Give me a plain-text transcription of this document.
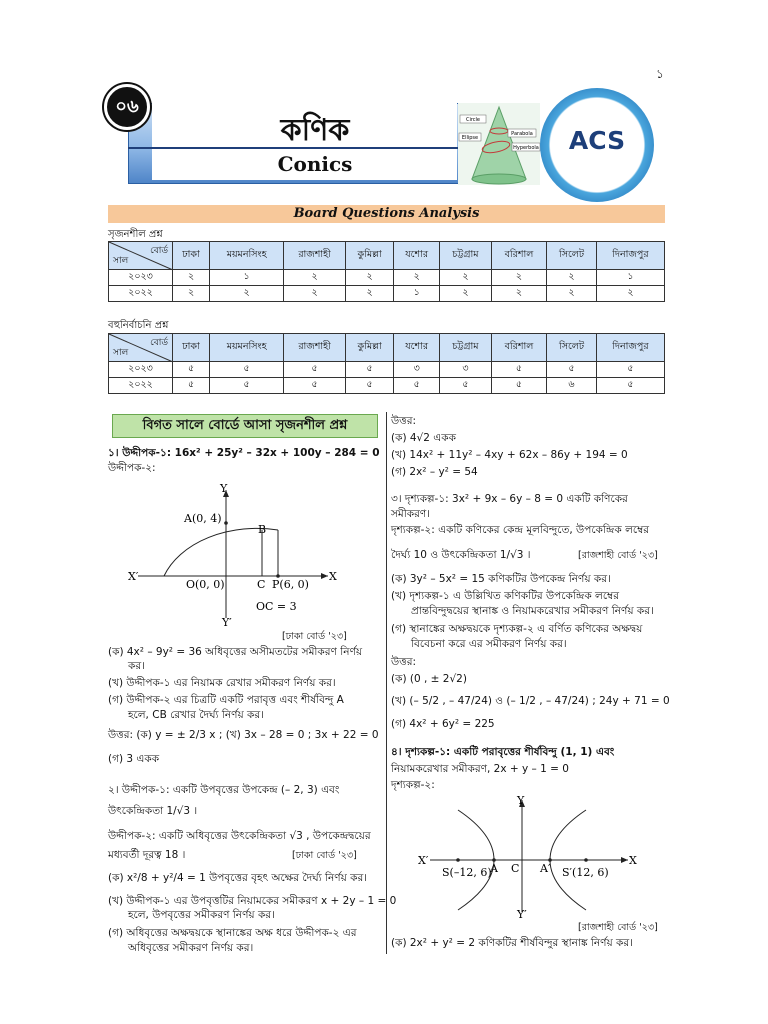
১
কণিক
Conics
০৬
Circle
Ellipse
Parabola
Hyperbola	ACS
Board Questions Analysis
সৃজনশীল প্রশ্ন
বোর্ড
সাল	ঢাকা	ময়মনসিংহ	রাজশাহী	কুমিল্লা	যশোর	চট্টগ্রাম	বরিশাল	সিলেট	দিনাজপুর
২০২৩	২	১	২	২	২	২	২	২	১
২০২২	২	২	২	২	১	২	২	২	২
বহুনির্বাচনি প্রশ্ন
বোর্ড
সাল	ঢাকা	ময়মনসিংহ	রাজশাহী	কুমিল্লা	যশোর	চট্টগ্রাম	বরিশাল	সিলেট	দিনাজপুর
২০২৩	৫	৫	৫	৫	৩	৩	৫	৫	৫
২০২২	৫	৫	৫	৫	৫	৫	৫	৬	৫
বিগত সালে বোর্ডে আসা সৃজনশীল প্রশ্ন
১। উদ্দীপক-১: 16x² + 25y² – 32x + 100y – 284 = 0
উদ্দীপক-২:
Y
X
X′
Y′
A(0, 4)
B
O(0, 0)	C P(6, 0)
OC = 3
[ঢাকা বোর্ড '২৩]
(ক) 4x² – 9y² = 36 অধিবৃত্তের অসীমতটের সমীকরণ নির্ণয়
কর।
(খ) উদ্দীপক-১ এর নিয়ামক রেখার সমীকরণ নির্ণয় কর।
(গ) উদ্দীপক-২ এর চিত্রটি একটি পরাবৃত্ত এবং শীর্ষবিন্দু A
হলে, CB রেখার দৈর্ঘ্য নির্ণয় কর।
উত্তর: (ক) y = ± 2/3 x ; (খ) 3x – 28 = 0 ; 3x + 22 = 0
(গ) 3 একক
২। উদ্দীপক-১: একটি উপবৃত্তের উপকেন্দ্র (– 2, 3) এবং
উৎকেন্দ্রিকতা 1/√3 ।
উদ্দীপক-২: একটি অধিবৃত্তের উৎকেন্দ্রিকতা √3 , উপকেন্দ্রদ্বয়ের
মধ্যবর্তী দূরত্ব 18 ।	[ঢাকা বোর্ড '২৩]
(ক) x²/8 + y²/4 = 1 উপবৃত্তের বৃহৎ অক্ষের দৈর্ঘ্য নির্ণয় কর।
(খ) উদ্দীপক-১ এর উপবৃত্তটির নিয়ামকের সমীকরণ x + 2y – 1 = 0
হলে, উপবৃত্তের সমীকরণ নির্ণয় কর।
(গ) অধিবৃত্তের অক্ষদ্বয়কে স্থানাঙ্কের অক্ষ ধরে উদ্দীপক-২ এর
অধিবৃত্তের সমীকরণ নির্ণয় কর।
উত্তর:
(ক) 4√2 একক
(খ) 14x² + 11y² – 4xy + 62x – 86y + 194 = 0
(গ) 2x² – y² = 54
৩। দৃশ্যকল্প-১: 3x² + 9x – 6y – 8 = 0 একটি কণিকের
সমীকরণ।
দৃশ্যকল্প-২: একটি কণিকের কেন্দ্র মূলবিন্দুতে, উপকেন্দ্রিক লম্বের
দৈর্ঘ্য 10 ও উৎকেন্দ্রিকতা 1/√3 ।	[রাজশাহী বোর্ড '২৩]
(ক) 3y² – 5x² = 15 কণিকটির উপকেন্দ্র নির্ণয় কর।
(খ) দৃশ্যকল্প-১ এ উল্লিখিত কণিকটির উপকেন্দ্রিক লম্বের
প্রান্তবিন্দুদ্বয়ের স্থানাঙ্ক ও নিয়ামকরেখার সমীকরণ নির্ণয় কর।
(গ) স্থানাঙ্কের অক্ষদ্বয়কে দৃশ্যকল্প-২ এ বর্ণিত কণিকের অক্ষদ্বয়
বিবেচনা করে এর সমীকরণ নির্ণয় কর।
উত্তর:
(ক) (0 , ± 2√2)
(খ) (– 5/2 , – 47/24) ও (– 1/2 , – 47/24) ; 24y + 71 = 0
(গ) 4x² + 6y² = 225
৪। দৃশ্যকল্প-১: একটি পরাবৃত্তের শীর্ষবিন্দু (1, 1) এবং
নিয়ামকরেখার সমীকরণ, 2x + y – 1 = 0
দৃশ্যকল্প-২:
Y
X
X′
Y′
S(–12, 6)
A C A′ S′(12, 6)
[রাজশাহী বোর্ড '২৩]
(ক) 2x² + y² = 2 কণিকটির শীর্ষবিন্দুর স্থানাঙ্ক নির্ণয় কর।
